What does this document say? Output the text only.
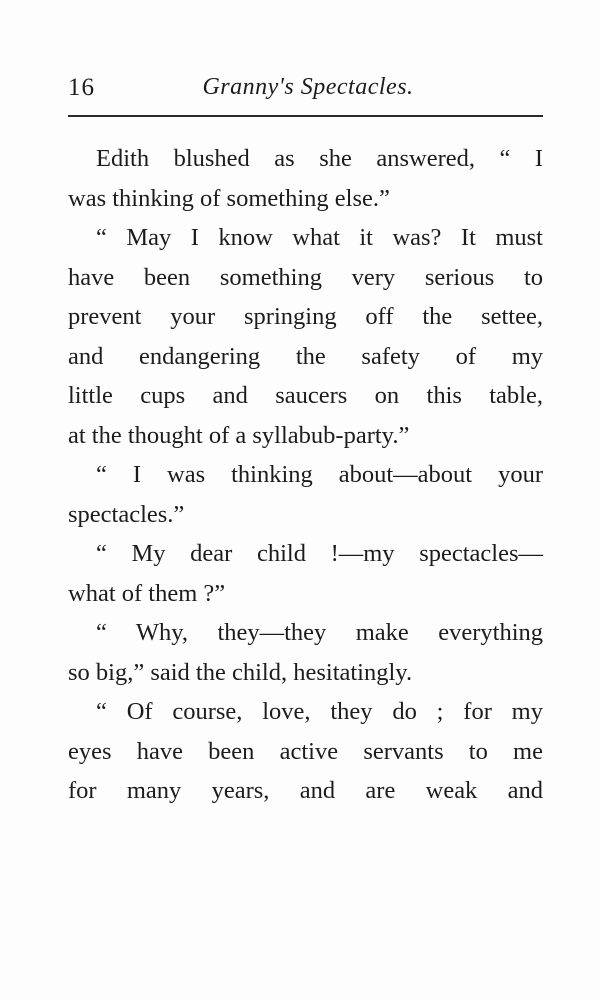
16	Granny's Spectacles.
Edith blushed as she answered, “ I
was thinking of something else.”
“ May I know what it was? It must
have been something very serious to
prevent your springing off the settee,
and endangering the safety of my
little cups and saucers on this table,
at the thought of a syllabub-party.”
“ I was thinking about—about your
spectacles.”
“ My dear child !—my spectacles—
what of them ?”
“ Why, they—they make everything
so big,” said the child, hesitatingly.
“ Of course, love, they do ; for my
eyes have been active servants to me
for many years, and are weak and
